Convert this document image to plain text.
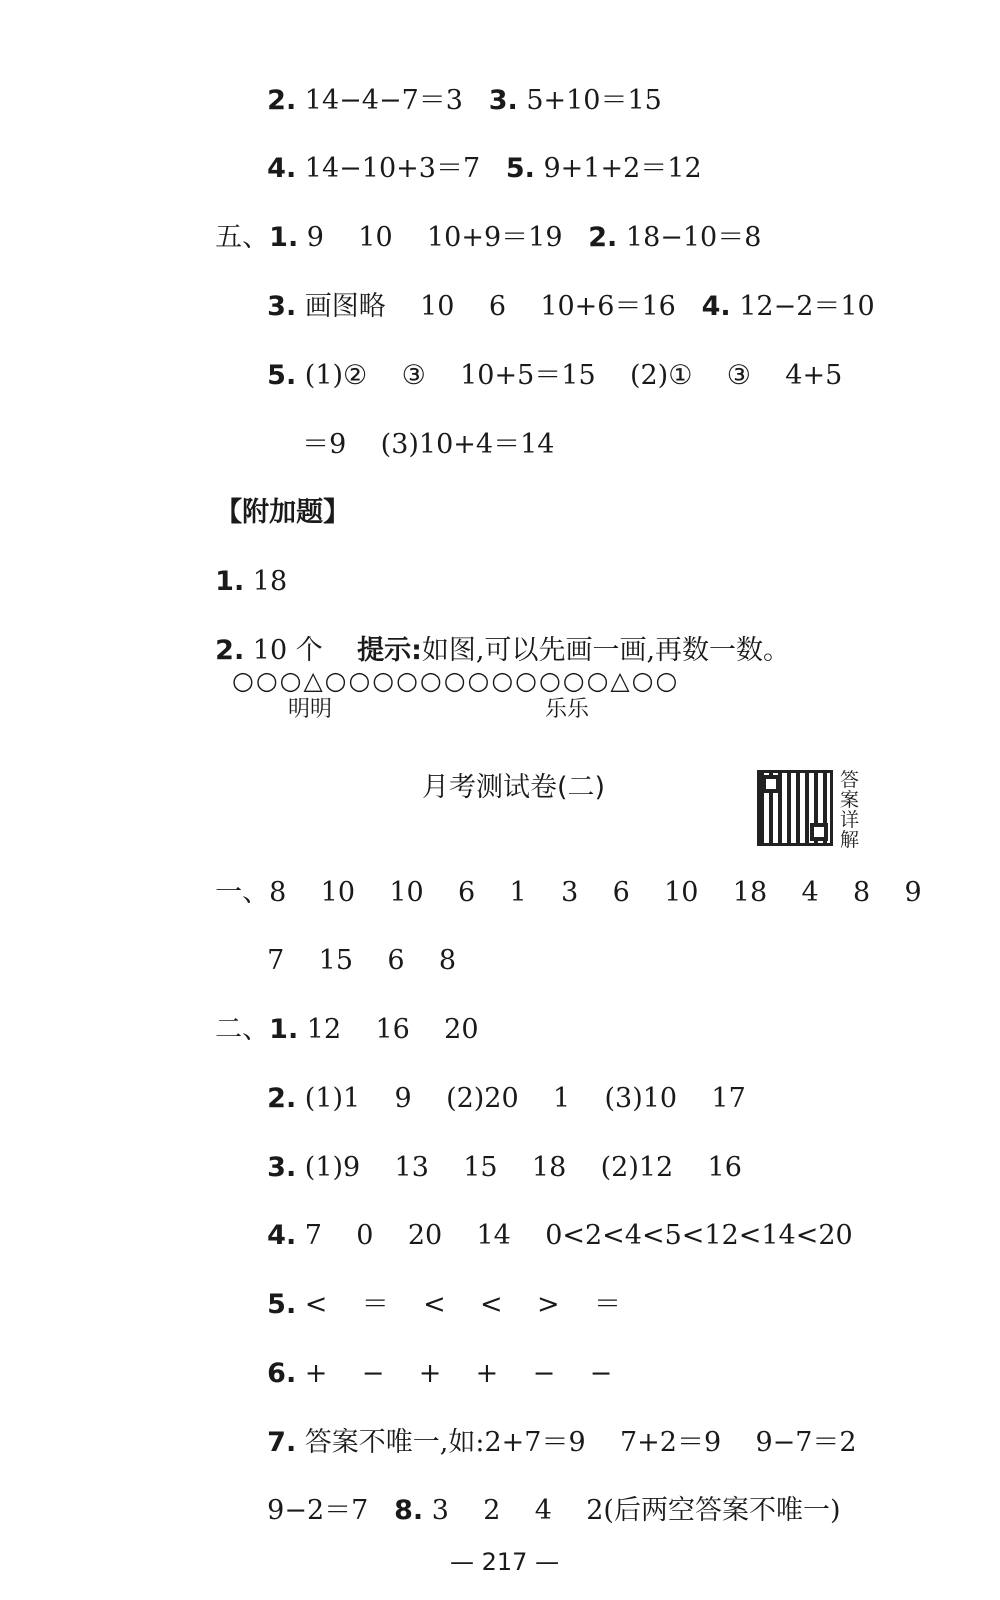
2. 14−4−7＝3   3. 5+10＝15

4. 14−10+3＝7   5. 9+1+2＝12

五、1. 9    10    10+9＝19   2. 18−10＝8

3. 画图略    10    6    10+6＝16   4. 12−2＝10

5. (1)②    ③    10+5＝15    (2)①    ③    4+5

＝9    (3)10+4＝14

【附加题】

1. 18

2. 10 个    提示:如图,可以先画一画,再数一数。

○○○△○○○○○○○○○○○○△○○
明明	乐乐
月考测试卷(二)	答案详解

一、8    10    10    6    1    3    6    10    18    4    8    9

7    15    6    8

二、1. 12    16    20

2. (1)1    9    (2)20    1    (3)10    17

3. (1)9    13    15    18    (2)12    16

4. 7    0    20    14    0<2<4<5<12<14<20

5. <    ＝    <    <    >    ＝

6. +    −    +    +    −    −

7. 答案不唯一,如:2+7＝9    7+2＝9    9−7＝2

9−2＝7   8. 3    2    4    2(后两空答案不唯一)

— 217 —
